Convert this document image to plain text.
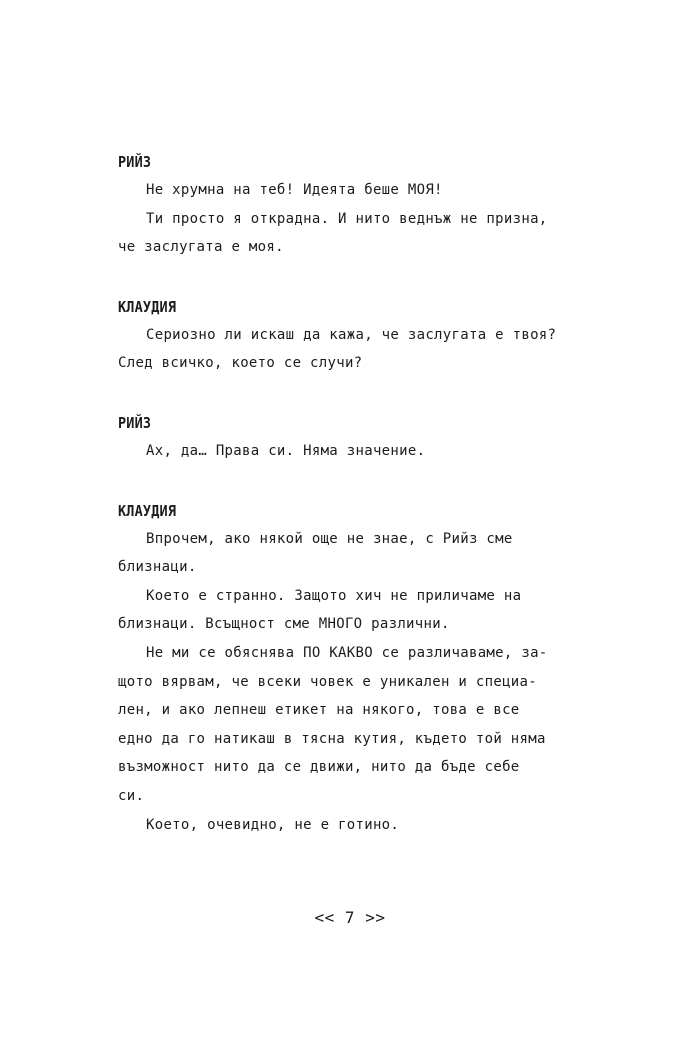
РИЙЗ

Не хрумна на теб! Идеята беше МОЯ!

Ти просто я открадна. И нито веднъж не призна,

че заслугата е моя.

КЛАУДИЯ

Сериозно ли искаш да кажа, че заслугата е твоя?

След всичко, което се случи?

РИЙЗ

Ах, да… Права си. Няма значение.

КЛАУДИЯ

Впрочем, ако някой още не знае, с Рийз сме

близнаци.

Което е странно. Защото хич не приличаме на

близнаци. Всъщност сме МНОГО различни.

Не ми се обяснява ПО КАКВО се различаваме, за-

щото вярвам, че всеки човек е уникален и специа-

лен, и ако лепнеш етикет на някого, това е все

едно да го натикаш в тясна кутия, където той няма

възможност нито да се движи, нито да бъде себе

си.

Което, очевидно, не е готино.

<< 7 >>
